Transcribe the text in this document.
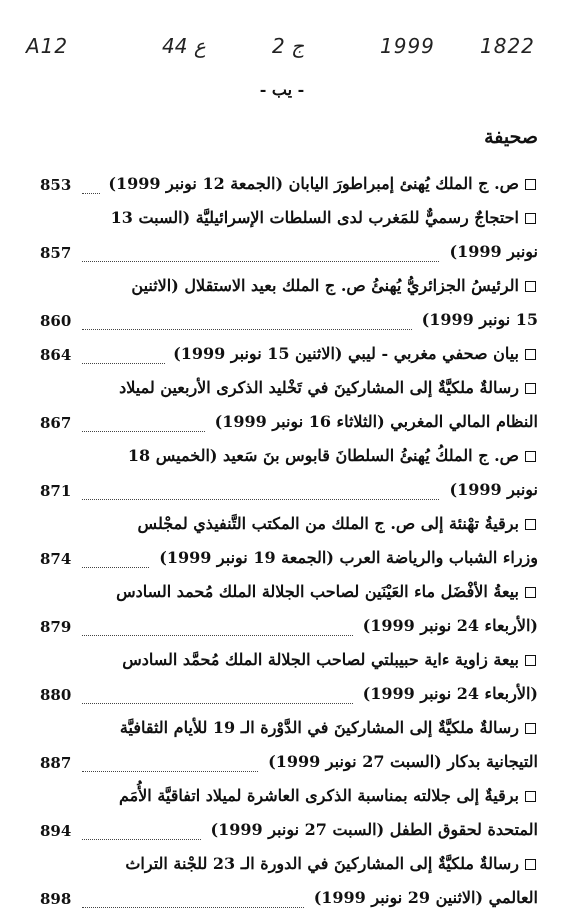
A12	44 ع	ج 2	1999 1822
- يب -
صحيفة
ص. ج الملك يُهنئ إمبراطورَ اليابان (الجمعة 12 نونبر 1999)
853
احتجاجٌ رسميٌّ للمَغرب لدى السلطات الإسرائيليَّة (السبت 13
نونبر 1999)
857
الرئيسُ الجزائريُّ يُهنئُ ص. ج الملك بعيد الاستقلال (الاثنين
15 نونبر 1999)
860
بيان صحفي مغربي - ليبي (الاثنين 15 نونبر 1999)
864
رسالةٌ ملكيَّةٌ إلى المشاركينَ في تَخْليد الذكرى الأربعين لميلاد
النظام المالي المغربي (الثلاثاء 16 نونبر 1999)
867
ص. ج الملكُ يُهنئُ السلطانَ قابوس بنَ سَعيد (الخميس 18
نونبر 1999)
871
برقيةُ تهْنئة إلى ص. ج الملك من المكتب التَّنفيذي لمجْلس
وزراء الشباب والرياضة العرب (الجمعة 19 نونبر 1999)
874
بيعةُ الأفْضَل ماء العَيْنَين لصاحب الجلالة الملك مُحمد السادس
(الأربعاء 24 نونبر 1999)
879
بيعة زاوية ءاية حبيبلتي لصاحب الجلالة الملك مُحمَّد السادس
(الأربعاء 24 نونبر 1999)
880
رسالةٌ ملكيَّةٌ إلى المشاركينَ في الدَّوْرة الـ 19 للأيام الثقافيَّة
التيجانية بدكار (السبت 27 نونبر 1999)
887
برقيةٌ إلى جلالته بمناسبة الذكرى العاشرة لميلاد اتفاقيَّة الأُمَم
المتحدة لحقوق الطفل (السبت 27 نونبر 1999)
894
رسالةٌ ملكيَّةٌ إلى المشاركينَ في الدورة الـ 23 للجْنة التراث
العالمي (الاثنين 29 نونبر 1999)
898
